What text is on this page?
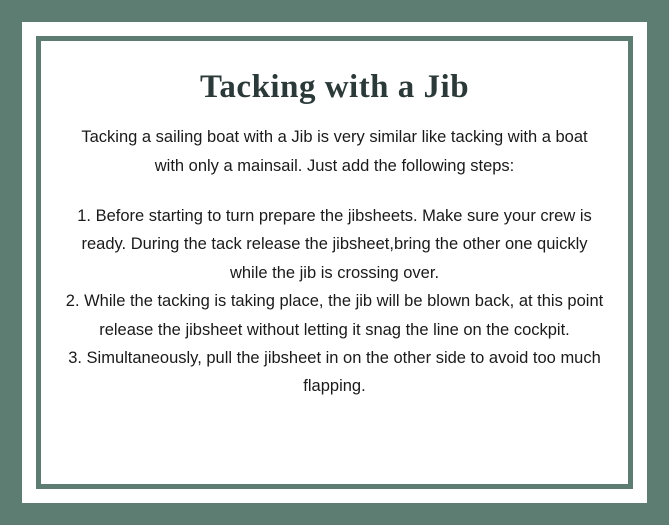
Tacking with a Jib

Tacking a sailing boat with a Jib is very similar like tacking with a boat with only a mainsail. Just add the following steps:

1. Before starting to turn prepare the jibsheets. Make sure your crew is ready. During the tack release the jibsheet,bring the other one quickly while the jib is crossing over.

2. While the tacking is taking place, the jib will be blown back, at this point release the jibsheet without letting it snag the line on the cockpit.

3. Simultaneously, pull the jibsheet in on the other side to avoid too much flapping.
